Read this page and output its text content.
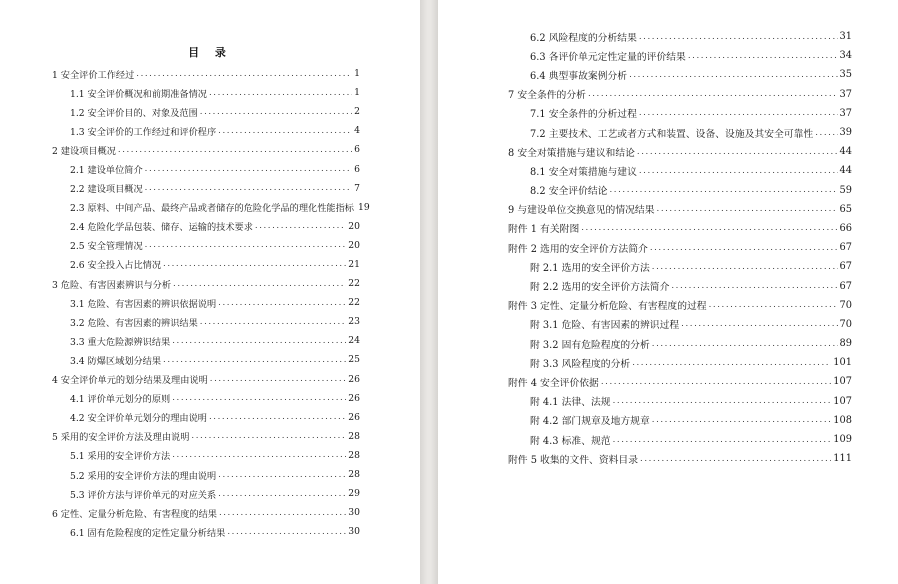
目 录
1 安全评价工作经过 .....	1
1.1 安全评价概况和前期准备情况 .....	1
1.2 安全评价目的、对象及范围 .....	2
1.3 安全评价的工作经过和评价程序 .....	4
2 建设项目概况 .....	6
2.1 建设单位简介 .....	6
2.2 建设项目概况 .....	7
2.3 原料、中间产品、最终产品或者储存的危险化学品的理化性能指标 19
2.4 危险化学品包装、储存、运输的技术要求 .....	20
2.5 安全管理情况 .....	20
2.6 安全投入占比情况 .....	21
3 危险、有害因素辨识与分析 .....	22
3.1 危险、有害因素的辨识依据说明 .....	22
3.2 危险、有害因素的辨识结果 .....	23
3.3 重大危险源辨识结果 .....	24
3.4 防爆区域划分结果 .....	25
4 安全评价单元的划分结果及理由说明 .....	26
4.1 评价单元划分的原则 .....	26
4.2 安全评价单元划分的理由说明 .....	26
5 采用的安全评价方法及理由说明 .....	28
5.1 采用的安全评价方法 .....	28
5.2 采用的安全评价方法的理由说明 .....	28
5.3 评价方法与评价单元的对应关系 .....	29
6 定性、定量分析危险、有害程度的结果 .....	30
6.1 固有危险程度的定性定量分析结果 .....	30
6.2 风险程度的分析结果 .....	31
6.3 各评价单元定性定量的评价结果 .....	34
6.4 典型事故案例分析 .....	35
7 安全条件的分析 .....	37
7.1 安全条件的分析过程 .....	37
7.2 主要技术、工艺或者方式和装置、设备、设施及其安全可靠性 .....	39
8 安全对策措施与建议和结论 .....	44
8.1 安全对策措施与建议 .....	44
8.2 安全评价结论 .....	59
9 与建设单位交换意见的情况结果 .....	65
附件 1 有关附图 .....	66
附件 2 选用的安全评价方法简介 .....	67
附 2.1 选用的安全评价方法 .....	67
附 2.2 选用的安全评价方法简介 .....	67
附件 3 定性、定量分析危险、有害程度的过程 .....	70
附 3.1 危险、有害因素的辨识过程 .....	70
附 3.2 固有危险程度的分析 .....	89
附 3.3 风险程度的分析 .....	101
附件 4 安全评价依据 .....	107
附 4.1 法律、法规 .....	107
附 4.2 部门规章及地方规章 .....	108
附 4.3 标准、规范 .....	109
附件 5 收集的文件、资料目录 .....	111
